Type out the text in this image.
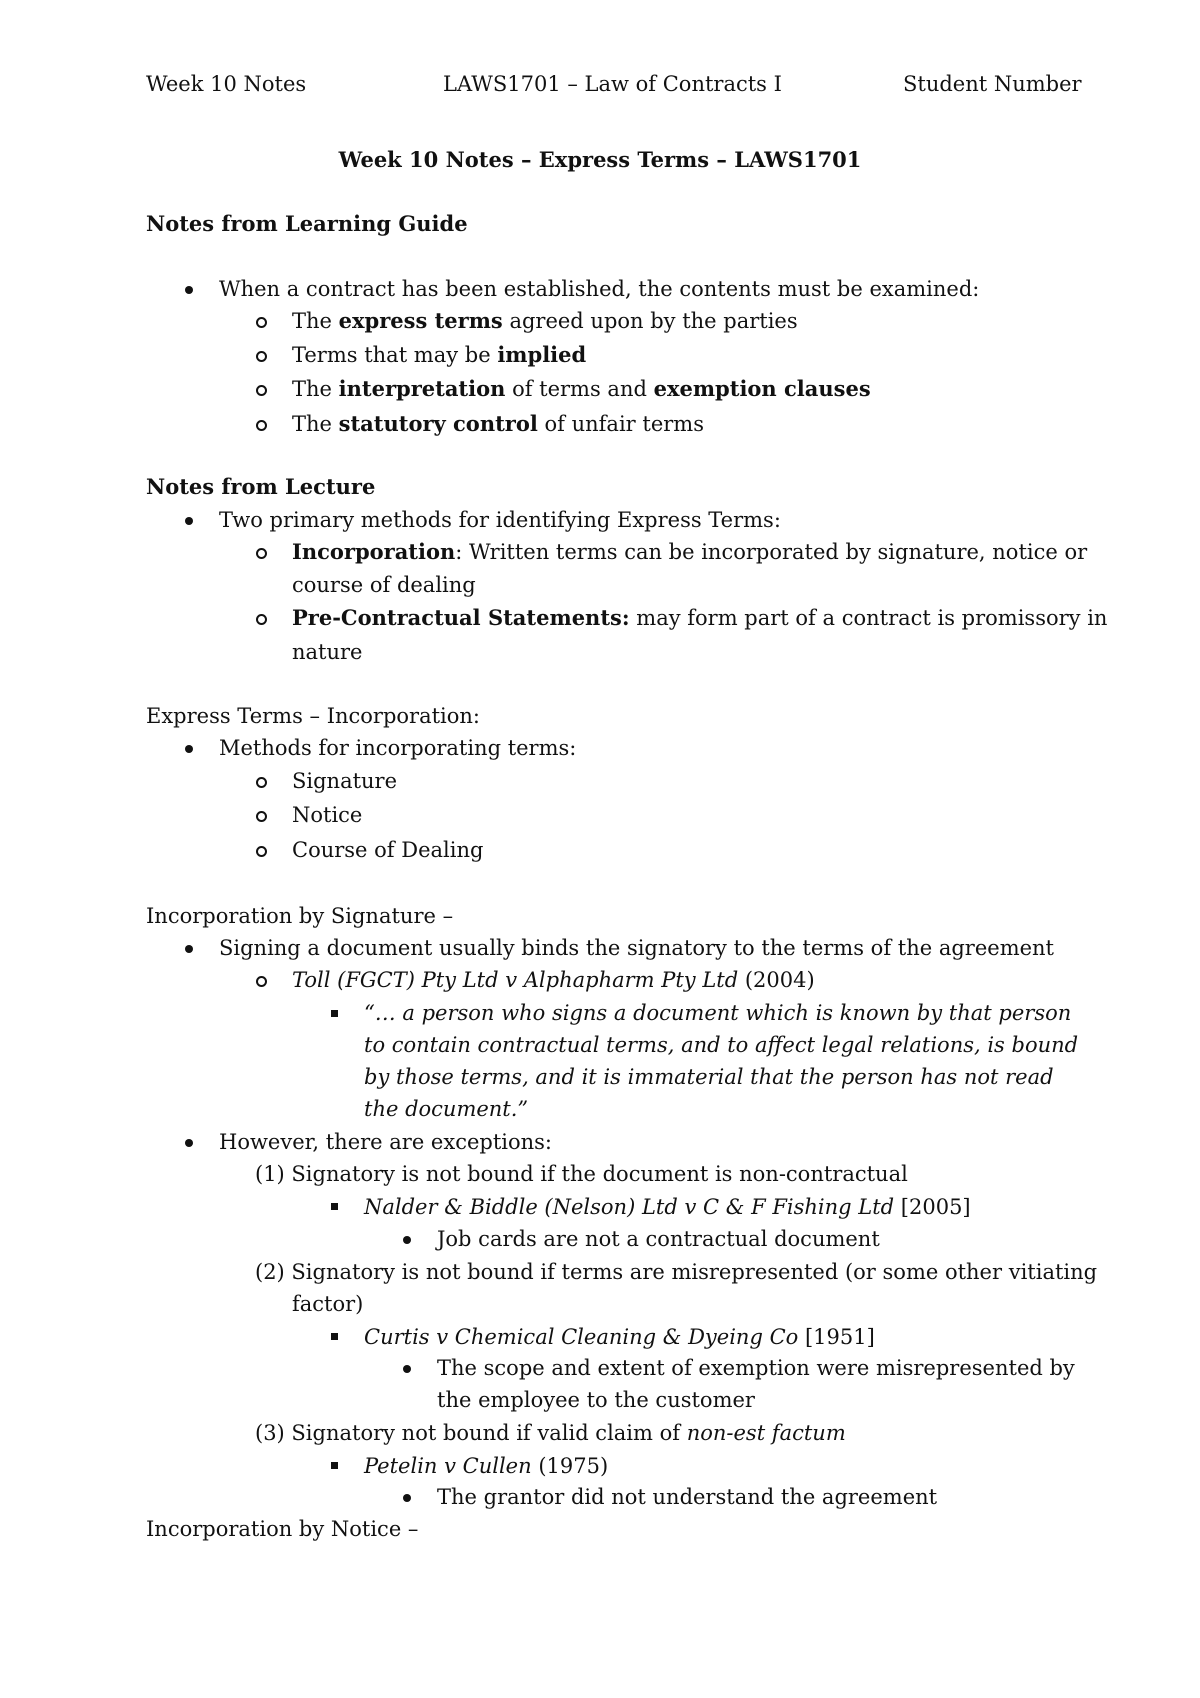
Week 10 Notes	LAWS1701 – Law of Contracts I	Student Number
Week 10 Notes – Express Terms – LAWS1701
Notes from Learning Guide
When a contract has been established, the contents must be examined:
The express terms agreed upon by the parties
Terms that may be implied
The interpretation of terms and exemption clauses
The statutory control of unfair terms
Notes from Lecture
Two primary methods for identifying Express Terms:
Incorporation: Written terms can be incorporated by signature, notice or
course of dealing
Pre-Contractual Statements: may form part of a contract is promissory in
nature
Express Terms – Incorporation:
Methods for incorporating terms:
Signature
Notice
Course of Dealing
Incorporation by Signature –
Signing a document usually binds the signatory to the terms of the agreement
Toll (FGCT) Pty Ltd v Alphapharm Pty Ltd (2004)
“… a person who signs a document which is known by that person
to contain contractual terms, and to affect legal relations, is bound
by those terms, and it is immaterial that the person has not read
the document.”
However, there are exceptions:
(1) Signatory is not bound if the document is non-contractual
Nalder & Biddle (Nelson) Ltd v C & F Fishing Ltd [2005]
Job cards are not a contractual document
(2) Signatory is not bound if terms are misrepresented (or some other vitiating
factor)
Curtis v Chemical Cleaning & Dyeing Co [1951]
The scope and extent of exemption were misrepresented by
the employee to the customer
(3) Signatory not bound if valid claim of non-est factum
Petelin v Cullen (1975)
The grantor did not understand the agreement
Incorporation by Notice –
